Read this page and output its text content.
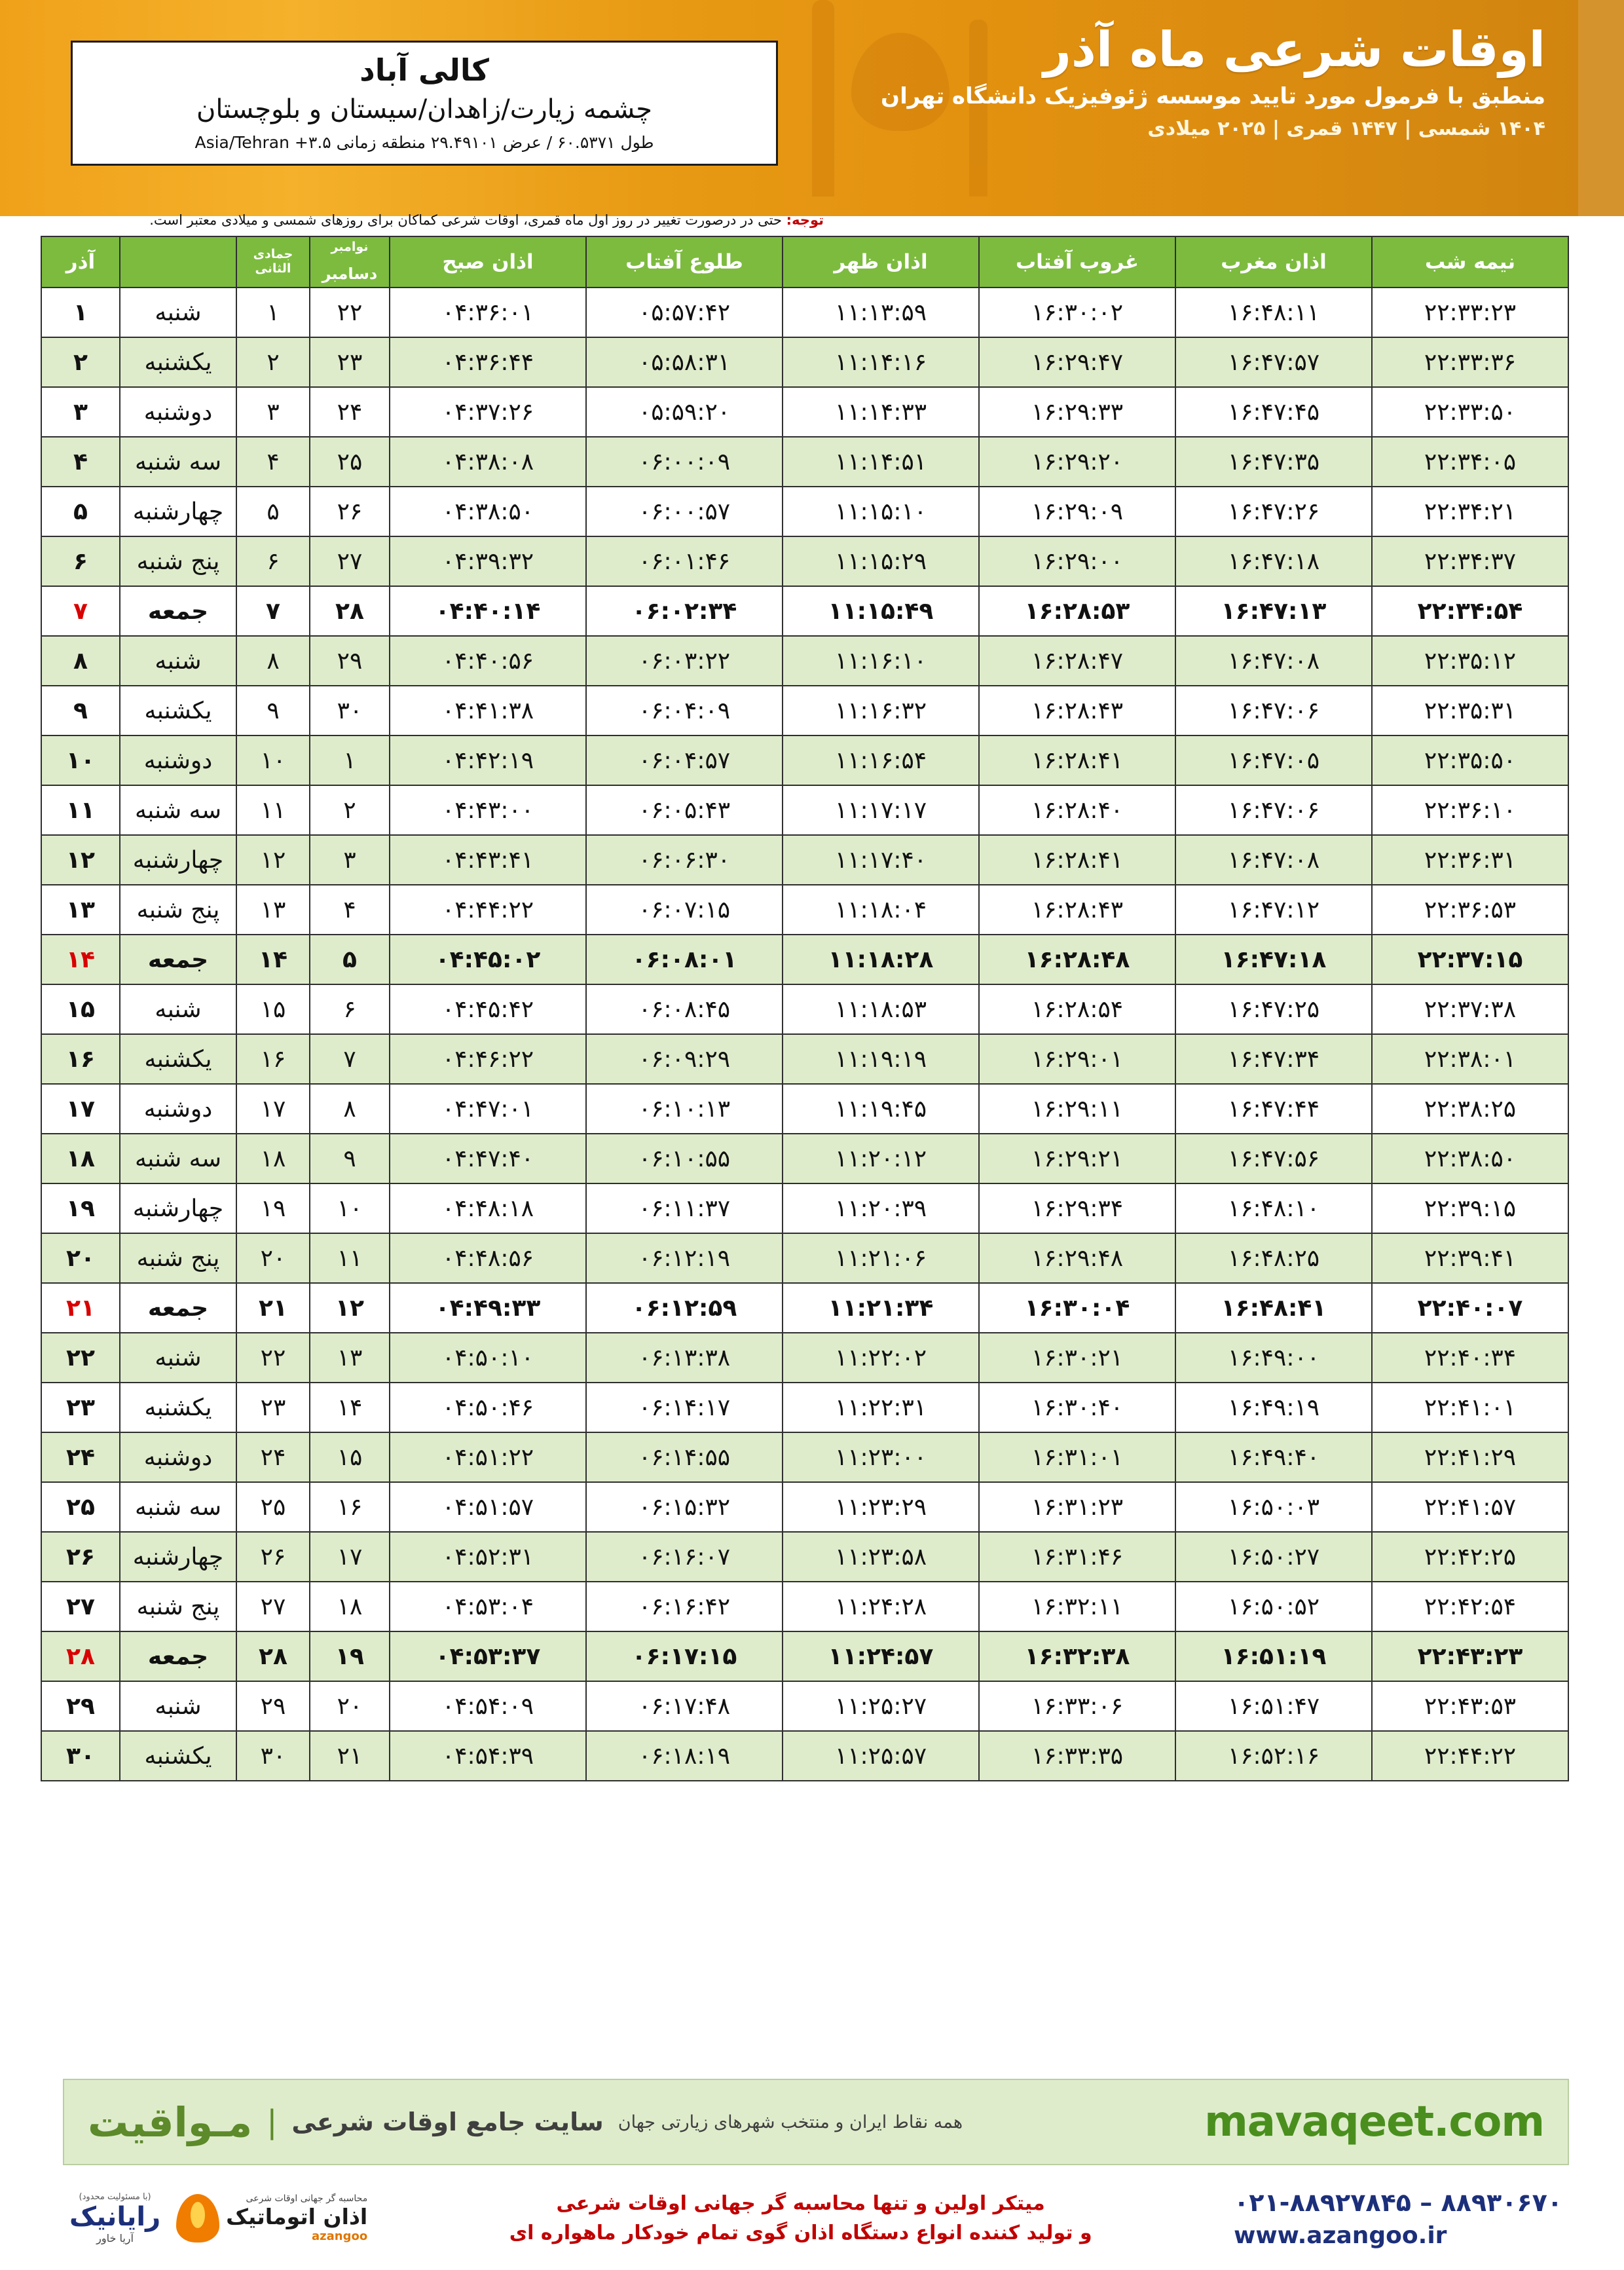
اوقات شرعی ماه آذر
منطبق با فرمول مورد تایید موسسه ژئوفیزیک دانشگاه تهران
۱۴۰۴ شمسی | ۱۴۴۷ قمری | ۲۰۲۵ میلادی
کالی آباد
چشمه زیارت/زاهدان/سیستان و بلوچستان
طول ۶۰.۵۳۷۱ / عرض ۲۹.۴۹۱۰۱ منطقه زمانی ۳.۵+ Asia/Tehran
توجه: حتی در درصورت تغییر در روز اول ماه قمری، اوقات شرعی کماکان برای روزهای شمسی و میلادی معتبر است.
نیمه شب	اذان مغرب	غروب آفتاب	اذان ظهر	طلوع آفتاب	اذان صبح	نوامبر
دسامبر	جمادی الثانی		آذر
۲۲:۳۳:۲۳	۱۶:۴۸:۱۱	۱۶:۳۰:۰۲	۱۱:۱۳:۵۹	۰۵:۵۷:۴۲	۰۴:۳۶:۰۱	۲۲	۱	شنبه	۱
۲۲:۳۳:۳۶	۱۶:۴۷:۵۷	۱۶:۲۹:۴۷	۱۱:۱۴:۱۶	۰۵:۵۸:۳۱	۰۴:۳۶:۴۴	۲۳	۲	یکشنبه	۲
۲۲:۳۳:۵۰	۱۶:۴۷:۴۵	۱۶:۲۹:۳۳	۱۱:۱۴:۳۳	۰۵:۵۹:۲۰	۰۴:۳۷:۲۶	۲۴	۳	دوشنبه	۳
۲۲:۳۴:۰۵	۱۶:۴۷:۳۵	۱۶:۲۹:۲۰	۱۱:۱۴:۵۱	۰۶:۰۰:۰۹	۰۴:۳۸:۰۸	۲۵	۴	سه شنبه	۴
۲۲:۳۴:۲۱	۱۶:۴۷:۲۶	۱۶:۲۹:۰۹	۱۱:۱۵:۱۰	۰۶:۰۰:۵۷	۰۴:۳۸:۵۰	۲۶	۵	چهارشنبه	۵
۲۲:۳۴:۳۷	۱۶:۴۷:۱۸	۱۶:۲۹:۰۰	۱۱:۱۵:۲۹	۰۶:۰۱:۴۶	۰۴:۳۹:۳۲	۲۷	۶	پنج شنبه	۶
۲۲:۳۴:۵۴	۱۶:۴۷:۱۳	۱۶:۲۸:۵۳	۱۱:۱۵:۴۹	۰۶:۰۲:۳۴	۰۴:۴۰:۱۴	۲۸	۷	جمعه	۷
۲۲:۳۵:۱۲	۱۶:۴۷:۰۸	۱۶:۲۸:۴۷	۱۱:۱۶:۱۰	۰۶:۰۳:۲۲	۰۴:۴۰:۵۶	۲۹	۸	شنبه	۸
۲۲:۳۵:۳۱	۱۶:۴۷:۰۶	۱۶:۲۸:۴۳	۱۱:۱۶:۳۲	۰۶:۰۴:۰۹	۰۴:۴۱:۳۸	۳۰	۹	یکشنبه	۹
۲۲:۳۵:۵۰	۱۶:۴۷:۰۵	۱۶:۲۸:۴۱	۱۱:۱۶:۵۴	۰۶:۰۴:۵۷	۰۴:۴۲:۱۹	۱	۱۰	دوشنبه	۱۰
۲۲:۳۶:۱۰	۱۶:۴۷:۰۶	۱۶:۲۸:۴۰	۱۱:۱۷:۱۷	۰۶:۰۵:۴۳	۰۴:۴۳:۰۰	۲	۱۱	سه شنبه	۱۱
۲۲:۳۶:۳۱	۱۶:۴۷:۰۸	۱۶:۲۸:۴۱	۱۱:۱۷:۴۰	۰۶:۰۶:۳۰	۰۴:۴۳:۴۱	۳	۱۲	چهارشنبه	۱۲
۲۲:۳۶:۵۳	۱۶:۴۷:۱۲	۱۶:۲۸:۴۳	۱۱:۱۸:۰۴	۰۶:۰۷:۱۵	۰۴:۴۴:۲۲	۴	۱۳	پنج شنبه	۱۳
۲۲:۳۷:۱۵	۱۶:۴۷:۱۸	۱۶:۲۸:۴۸	۱۱:۱۸:۲۸	۰۶:۰۸:۰۱	۰۴:۴۵:۰۲	۵	۱۴	جمعه	۱۴
۲۲:۳۷:۳۸	۱۶:۴۷:۲۵	۱۶:۲۸:۵۴	۱۱:۱۸:۵۳	۰۶:۰۸:۴۵	۰۴:۴۵:۴۲	۶	۱۵	شنبه	۱۵
۲۲:۳۸:۰۱	۱۶:۴۷:۳۴	۱۶:۲۹:۰۱	۱۱:۱۹:۱۹	۰۶:۰۹:۲۹	۰۴:۴۶:۲۲	۷	۱۶	یکشنبه	۱۶
۲۲:۳۸:۲۵	۱۶:۴۷:۴۴	۱۶:۲۹:۱۱	۱۱:۱۹:۴۵	۰۶:۱۰:۱۳	۰۴:۴۷:۰۱	۸	۱۷	دوشنبه	۱۷
۲۲:۳۸:۵۰	۱۶:۴۷:۵۶	۱۶:۲۹:۲۱	۱۱:۲۰:۱۲	۰۶:۱۰:۵۵	۰۴:۴۷:۴۰	۹	۱۸	سه شنبه	۱۸
۲۲:۳۹:۱۵	۱۶:۴۸:۱۰	۱۶:۲۹:۳۴	۱۱:۲۰:۳۹	۰۶:۱۱:۳۷	۰۴:۴۸:۱۸	۱۰	۱۹	چهارشنبه	۱۹
۲۲:۳۹:۴۱	۱۶:۴۸:۲۵	۱۶:۲۹:۴۸	۱۱:۲۱:۰۶	۰۶:۱۲:۱۹	۰۴:۴۸:۵۶	۱۱	۲۰	پنج شنبه	۲۰
۲۲:۴۰:۰۷	۱۶:۴۸:۴۱	۱۶:۳۰:۰۴	۱۱:۲۱:۳۴	۰۶:۱۲:۵۹	۰۴:۴۹:۳۳	۱۲	۲۱	جمعه	۲۱
۲۲:۴۰:۳۴	۱۶:۴۹:۰۰	۱۶:۳۰:۲۱	۱۱:۲۲:۰۲	۰۶:۱۳:۳۸	۰۴:۵۰:۱۰	۱۳	۲۲	شنبه	۲۲
۲۲:۴۱:۰۱	۱۶:۴۹:۱۹	۱۶:۳۰:۴۰	۱۱:۲۲:۳۱	۰۶:۱۴:۱۷	۰۴:۵۰:۴۶	۱۴	۲۳	یکشنبه	۲۳
۲۲:۴۱:۲۹	۱۶:۴۹:۴۰	۱۶:۳۱:۰۱	۱۱:۲۳:۰۰	۰۶:۱۴:۵۵	۰۴:۵۱:۲۲	۱۵	۲۴	دوشنبه	۲۴
۲۲:۴۱:۵۷	۱۶:۵۰:۰۳	۱۶:۳۱:۲۳	۱۱:۲۳:۲۹	۰۶:۱۵:۳۲	۰۴:۵۱:۵۷	۱۶	۲۵	سه شنبه	۲۵
۲۲:۴۲:۲۵	۱۶:۵۰:۲۷	۱۶:۳۱:۴۶	۱۱:۲۳:۵۸	۰۶:۱۶:۰۷	۰۴:۵۲:۳۱	۱۷	۲۶	چهارشنبه	۲۶
۲۲:۴۲:۵۴	۱۶:۵۰:۵۲	۱۶:۳۲:۱۱	۱۱:۲۴:۲۸	۰۶:۱۶:۴۲	۰۴:۵۳:۰۴	۱۸	۲۷	پنج شنبه	۲۷
۲۲:۴۳:۲۳	۱۶:۵۱:۱۹	۱۶:۳۲:۳۸	۱۱:۲۴:۵۷	۰۶:۱۷:۱۵	۰۴:۵۳:۳۷	۱۹	۲۸	جمعه	۲۸
۲۲:۴۳:۵۳	۱۶:۵۱:۴۷	۱۶:۳۳:۰۶	۱۱:۲۵:۲۷	۰۶:۱۷:۴۸	۰۴:۵۴:۰۹	۲۰	۲۹	شنبه	۲۹
۲۲:۴۴:۲۲	۱۶:۵۲:۱۶	۱۶:۳۳:۳۵	۱۱:۲۵:۵۷	۰۶:۱۸:۱۹	۰۴:۵۴:۳۹	۲۱	۳۰	یکشنبه	۳۰
mavaqeet.com
همه نقاط ایران و منتخب شهرهای زیارتی جهان
سایت جامع اوقات شرعی
|
مـواقیت
۰۲۱-۸۸۹۲۷۸۴۵ – ۸۸۹۳۰۶۷۰
www.azangoo.ir
میتکر اولین و تنها محاسبه گر جهانی اوقات شرعی
و تولید کننده انواع دستگاه اذان گوی تمام خودکار ماهواره ای
محاسبه گر جهانی اوقات شرعی
اذان اتوماتیک
azangoo
(با مسئولیت محدود)
رایانیک
آریا خاور
